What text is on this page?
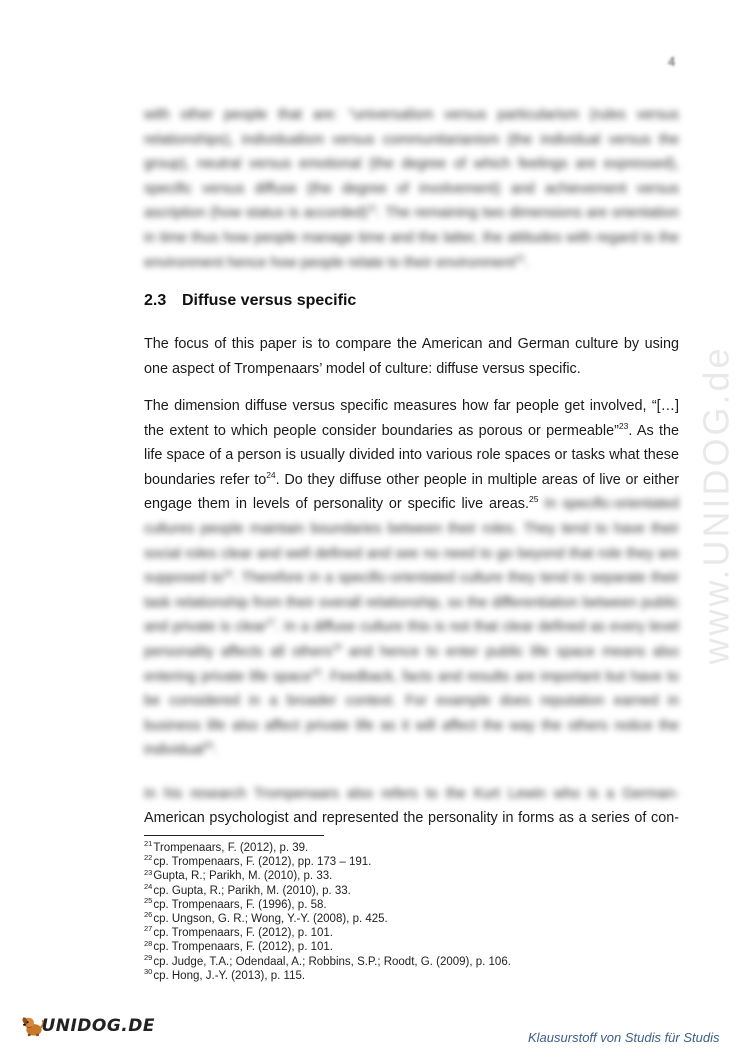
4

with other people that are: “universalism versus particularism (rules versus relationships), individualism versus communitarianism (the individual versus the group), neutral versus emotional (the degree of which feelings are expressed), specific versus diffuse (the degree of involvement) and achievement versus ascription (how status is accorded)$^{21}$. The remaining two dimensions are orientation in time thus how people manage time and the latter, the attitudes with regard to the environment hence how people relate to their environment$^{22}$.

2.3 Diffuse versus specific

The focus of this paper is to compare the American and German culture by using one aspect of Trompenaars’ model of culture: diffuse versus specific.

The dimension diffuse versus specific measures how far people get involved, “[…] the extent to which people consider boundaries as porous or permeable”$^{23}$. As the life space of a person is usually divided into various role spaces or tasks what these boundaries refer $to^{24}$. Do they diffuse other people in multiple areas of live or either engage them in levels of personality or specific live areas.$^{25}$ In specific-orientated cultures people maintain boundaries between their roles. They tend to have their social roles clear and well defined and see no need to go beyond that role they are supposed $to^{26}$. Therefore in a specific-orientated culture they tend to separate their task relationship from their overall relationship, so the differentiation between public and private is clear$^{27}$. In a diffuse culture this is not that clear defined as every level personality affects all others$^{28}$ and hence to enter public life space means also entering private life space$^{29}$. Feedback, facts and results are important but have to be considered in a broader context. For example does reputation earned in business life also affect private life as it will affect the way the others notice the individual$^{30}$.

In his research Trompenaars also refers to the Kurt Lewin who is a German-

American psychologist and represented the personality in forms as a series of con-

$^{21}$Trompenaars, F. (2012), p. 39.
$^{22}$cp. Trompenaars, F. (2012), pp. 173 – 191.
$^{23}$Gupta, R.; Parikh, M. (2010), p. 33.
$^{24}$cp. Gupta, R.; Parikh, M. (2010), p. 33.
$^{25}$cp. Trompenaars, F. (1996), p. 58.
$^{26}$cp. Ungson, G. R.; Wong, Y.-Y. (2008), p. 425.
$^{27}$cp. Trompenaars, F. (2012), p. 101.
$^{28}$cp. Trompenaars, F. (2012), p. 101.
$^{29}$cp. Judge, T.A.; Odendaal, A.; Robbins, S.P.; Roodt, G. (2009), p. 106.
$^{30}$cp. Hong, J.-Y. (2013), p. 115.
www.UNIDOG.de
UNIDOG.DE
Klausurstoff von Studis für Studis
